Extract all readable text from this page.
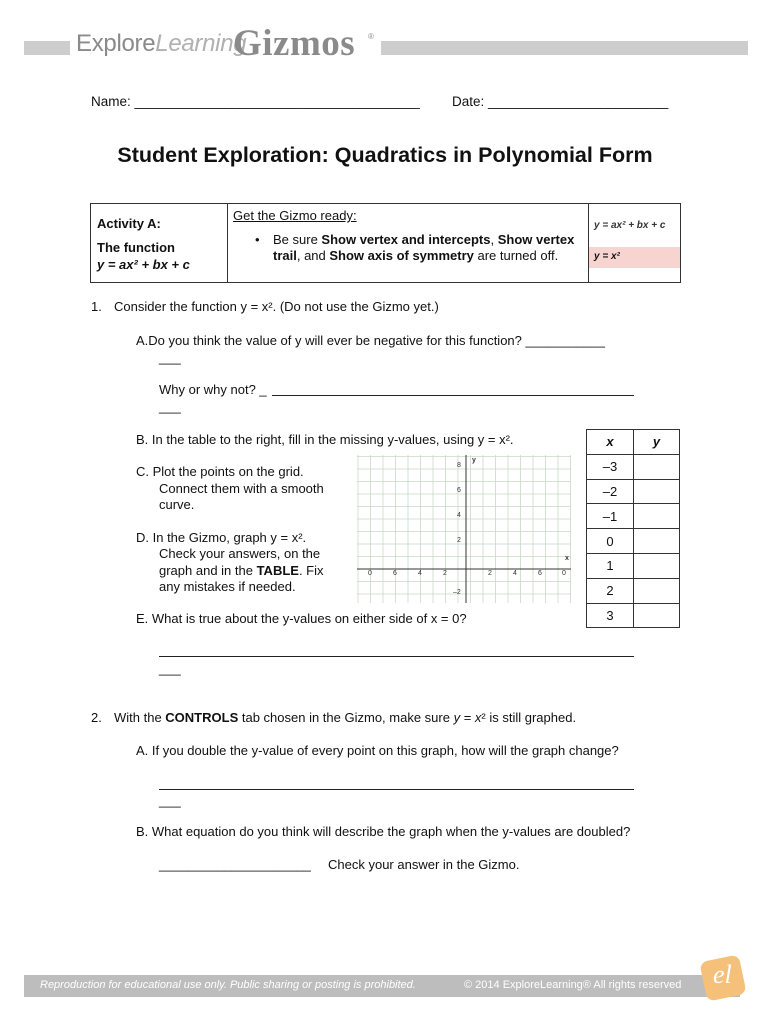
ExploreLearning
Gizmos ®
Name: ______________________________________ Date: ________________________
Student Exploration: Quadratics in Polynomial Form
Activity A:
The function
y = ax² + bx + c
Get the Gizmo ready:
• Be sure Show vertex and intercepts, Show vertex trail, and Show axis of symmetry are turned off.
y = ax² + bx + c
y = x²
1. Consider the function y = x². (Do not use the Gizmo yet.)
A.Do you think the value of y will ever be negative for this function? ___________
___
Why or why not? _
___
B. In the table to the right, fill in the missing y-values, using y = x².
C. Plot the points on the grid.
Connect them with a smooth
curve.
D. In the Gizmo, graph y = x².
Check your answers, on the
graph and in the TABLE. Fix
any mistakes if needed.
E. What is true about the y-values on either side of x = 0?
___
8
6
4
2
–2
y
x
0	6	4	2	2	4	6	0
x	y
–3	
–2	
–1	
0	
1	
2	
3	
2. With the CONTROLS tab chosen in the Gizmo, make sure y = x² is still graphed.
A. If you double the y-value of every point on this graph, how will the graph change?
___
B. What equation do you think will describe the graph when the y-values are doubled?
_____________________ Check your answer in the Gizmo.
Reproduction for educational use only. Public sharing or posting is prohibited.	© 2014 ExploreLearning® All rights reserved el
